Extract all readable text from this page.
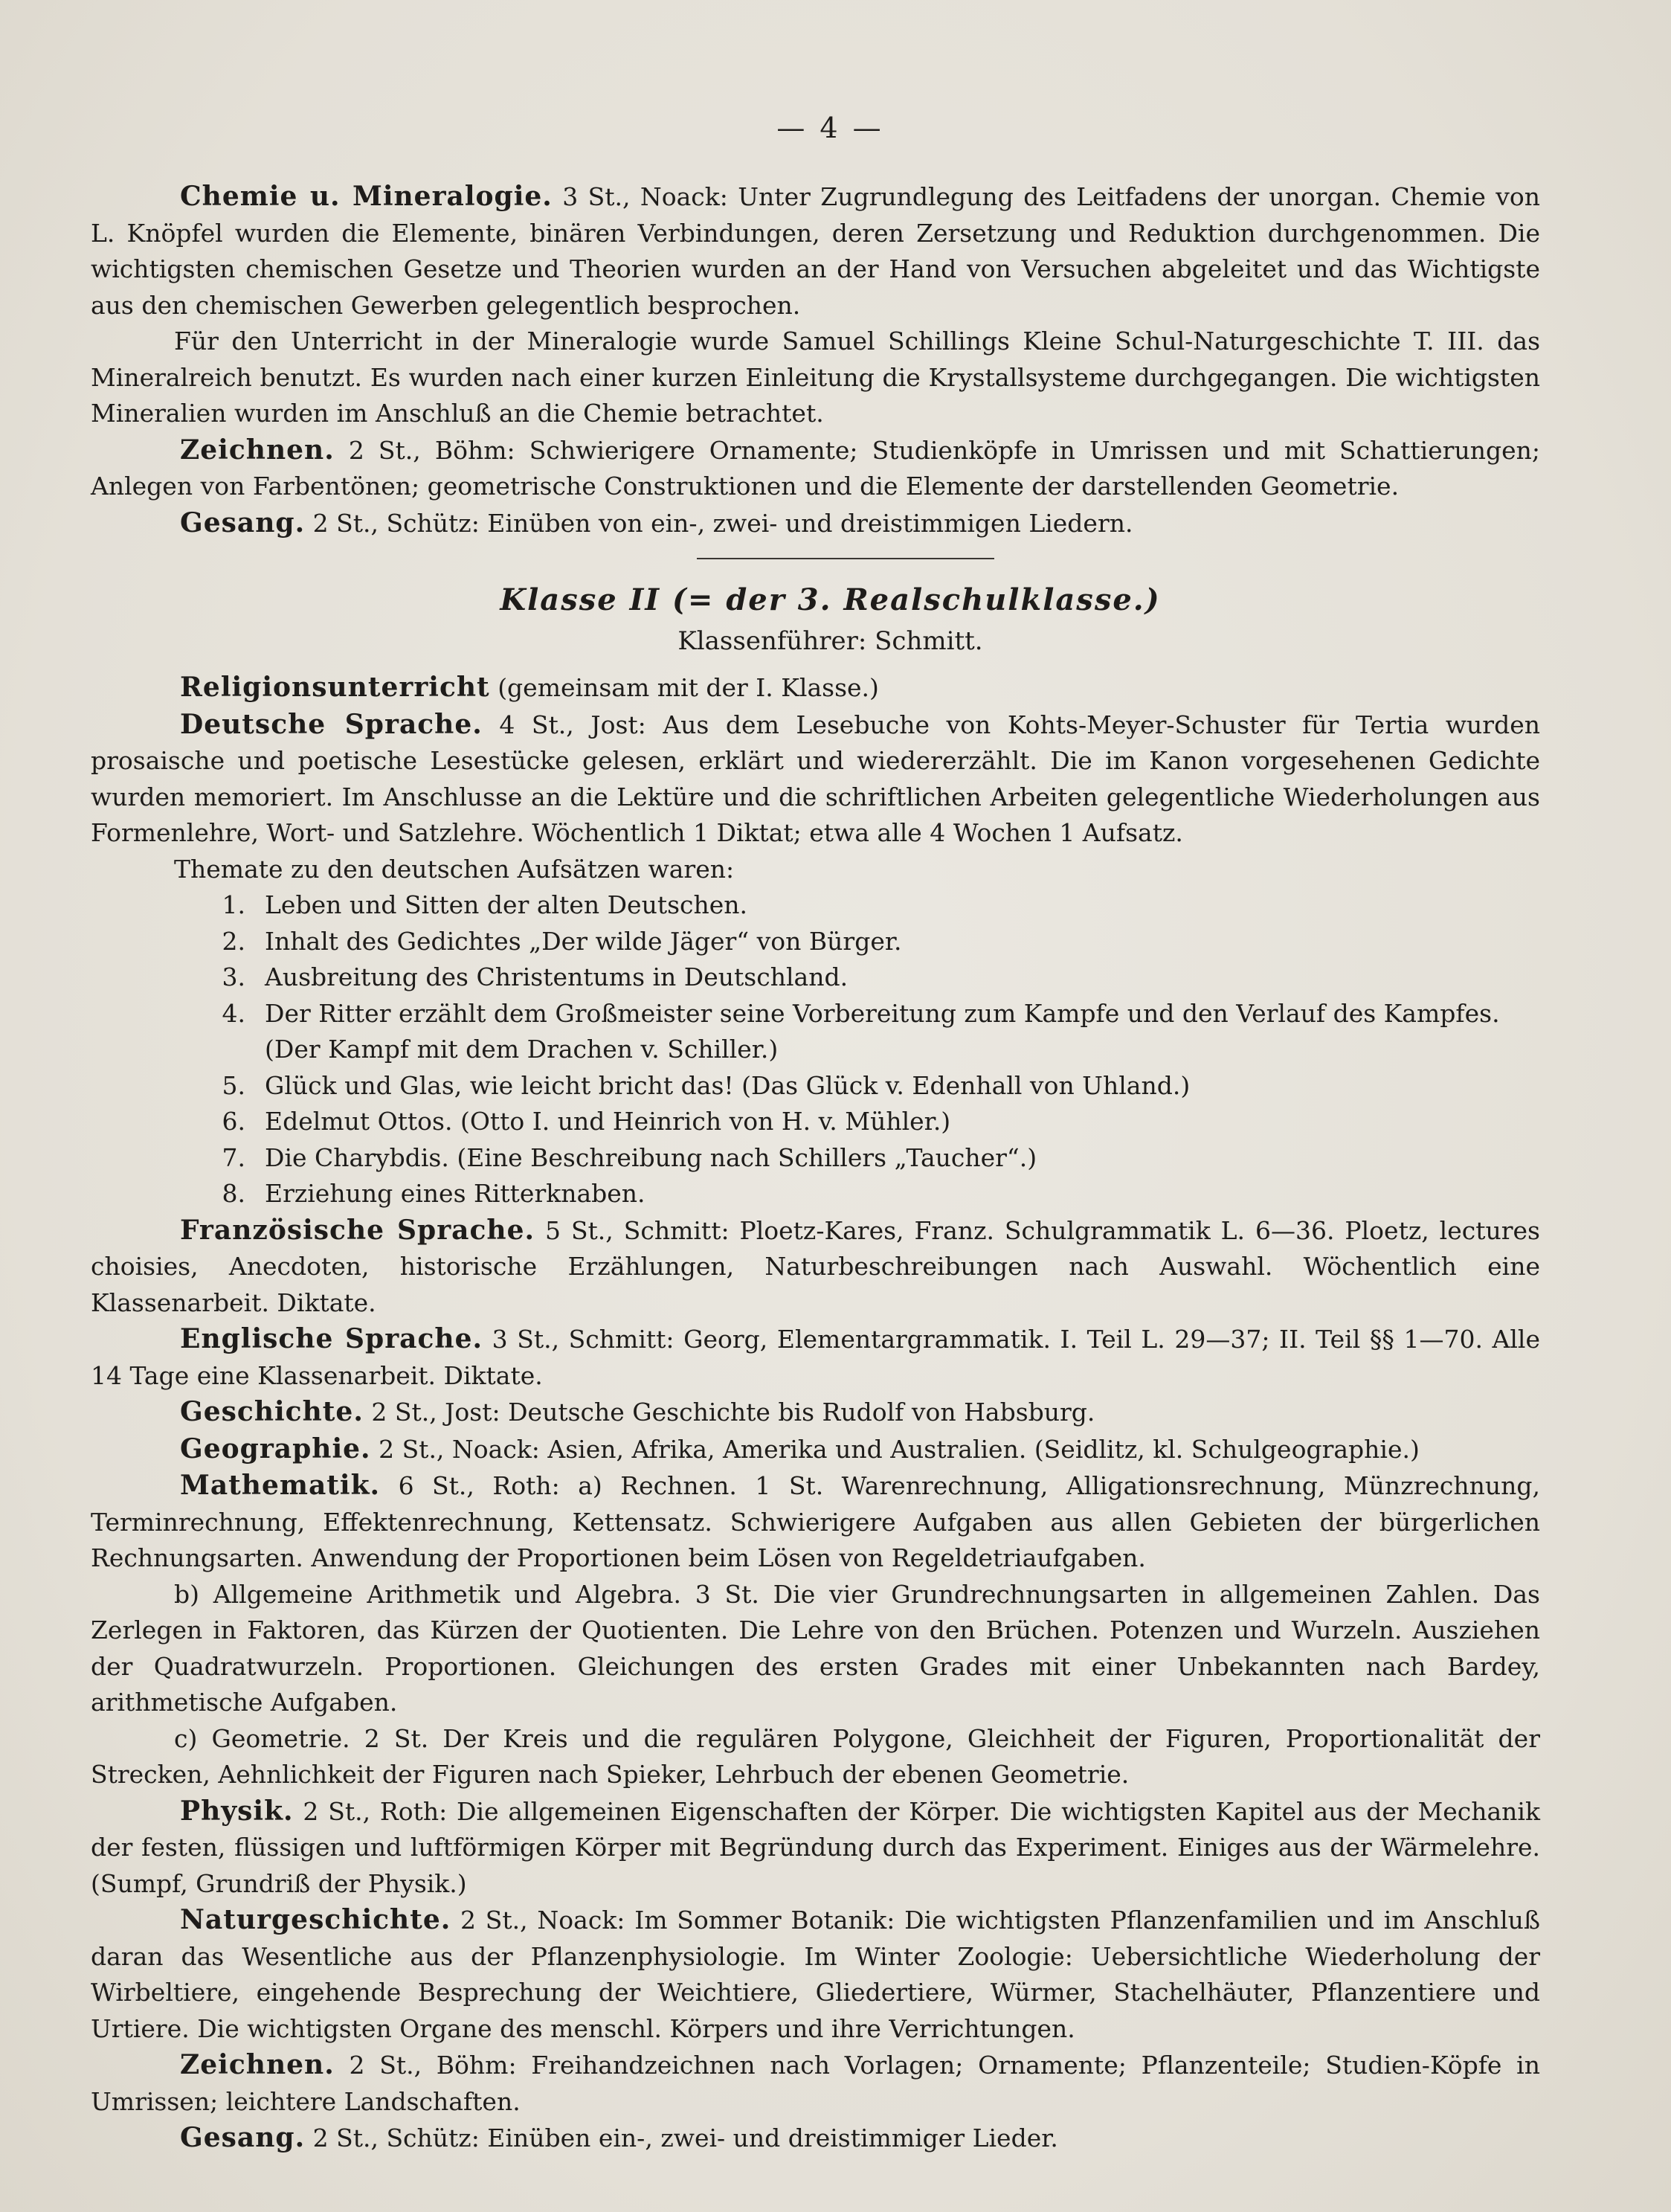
— 4 —

Chemie u. Mineralogie. 3 St., Noack: Unter Zugrundlegung des Leitfadens der unorgan. Chemie von L. Knöpfel wurden die Elemente, binären Verbindungen, deren Zersetzung und Reduktion durchgenommen. Die wichtigsten chemischen Gesetze und Theorien wurden an der Hand von Versuchen abgeleitet und das Wichtigste aus den chemischen Gewerben gelegentlich besprochen.

Für den Unterricht in der Mineralogie wurde Samuel Schillings Kleine Schul-Naturgeschichte T. III. das Mineralreich benutzt. Es wurden nach einer kurzen Einleitung die Krystallsysteme durchgegangen. Die wichtigsten Mineralien wurden im Anschluß an die Chemie betrachtet.

Zeichnen. 2 St., Böhm: Schwierigere Ornamente; Studienköpfe in Umrissen und mit Schattierungen; Anlegen von Farbentönen; geometrische Construktionen und die Elemente der darstellenden Geometrie.

Gesang. 2 St., Schütz: Einüben von ein-, zwei- und dreistimmigen Liedern.

Klasse II (= der 3. Realschulklasse.)
Klassenführer: Schmitt.

Religionsunterricht (gemeinsam mit der I. Klasse.)

Deutsche Sprache. 4 St., Jost: Aus dem Lesebuche von Kohts-Meyer-Schuster für Tertia wurden prosaische und poetische Lesestücke gelesen, erklärt und wiedererzählt. Die im Kanon vorgesehenen Gedichte wurden memoriert. Im Anschlusse an die Lektüre und die schriftlichen Arbeiten gelegentliche Wiederholungen aus Formenlehre, Wort- und Satzlehre. Wöchentlich 1 Diktat; etwa alle 4 Wochen 1 Aufsatz.

Themate zu den deutschen Aufsätzen waren:

1. Leben und Sitten der alten Deutschen.
2. Inhalt des Gedichtes „Der wilde Jäger“ von Bürger.
3. Ausbreitung des Christentums in Deutschland.
4. Der Ritter erzählt dem Großmeister seine Vorbereitung zum Kampfe und den Verlauf des Kampfes. (Der Kampf mit dem Drachen v. Schiller.)
5. Glück und Glas, wie leicht bricht das! (Das Glück v. Edenhall von Uhland.)
6. Edelmut Ottos. (Otto I. und Heinrich von H. v. Mühler.)
7. Die Charybdis. (Eine Beschreibung nach Schillers „Taucher“.)
8. Erziehung eines Ritterknaben.

Französische Sprache. 5 St., Schmitt: Ploetz-Kares, Franz. Schulgrammatik L. 6—36. Ploetz, lectures choisies, Anecdoten, historische Erzählungen, Naturbeschreibungen nach Auswahl. Wöchentlich eine Klassenarbeit. Diktate.

Englische Sprache. 3 St., Schmitt: Georg, Elementargrammatik. I. Teil L. 29—37; II. Teil §§ 1—70. Alle 14 Tage eine Klassenarbeit. Diktate.

Geschichte. 2 St., Jost: Deutsche Geschichte bis Rudolf von Habsburg.

Geographie. 2 St., Noack: Asien, Afrika, Amerika und Australien. (Seidlitz, kl. Schulgeographie.)

Mathematik. 6 St., Roth: a) Rechnen. 1 St. Warenrechnung, Alligationsrechnung, Münzrechnung, Terminrechnung, Effektenrechnung, Kettensatz. Schwierigere Aufgaben aus allen Gebieten der bürgerlichen Rechnungsarten. Anwendung der Proportionen beim Lösen von Regeldetriaufgaben.

b) Allgemeine Arithmetik und Algebra. 3 St. Die vier Grundrechnungsarten in allgemeinen Zahlen. Das Zerlegen in Faktoren, das Kürzen der Quotienten. Die Lehre von den Brüchen. Potenzen und Wurzeln. Ausziehen der Quadratwurzeln. Proportionen. Gleichungen des ersten Grades mit einer Unbekannten nach Bardey, arithmetische Aufgaben.

c) Geometrie. 2 St. Der Kreis und die regulären Polygone, Gleichheit der Figuren, Proportionalität der Strecken, Aehnlichkeit der Figuren nach Spieker, Lehrbuch der ebenen Geometrie.

Physik. 2 St., Roth: Die allgemeinen Eigenschaften der Körper. Die wichtigsten Kapitel aus der Mechanik der festen, flüssigen und luftförmigen Körper mit Begründung durch das Experiment. Einiges aus der Wärmelehre. (Sumpf, Grundriß der Physik.)

Naturgeschichte. 2 St., Noack: Im Sommer Botanik: Die wichtigsten Pflanzenfamilien und im Anschluß daran das Wesentliche aus der Pflanzenphysiologie. Im Winter Zoologie: Uebersichtliche Wiederholung der Wirbeltiere, eingehende Besprechung der Weichtiere, Gliedertiere, Würmer, Stachelhäuter, Pflanzentiere und Urtiere. Die wichtigsten Organe des menschl. Körpers und ihre Verrichtungen.

Zeichnen. 2 St., Böhm: Freihandzeichnen nach Vorlagen; Ornamente; Pflanzenteile; Studien-Köpfe in Umrissen; leichtere Landschaften.

Gesang. 2 St., Schütz: Einüben ein-, zwei- und dreistimmiger Lieder.
